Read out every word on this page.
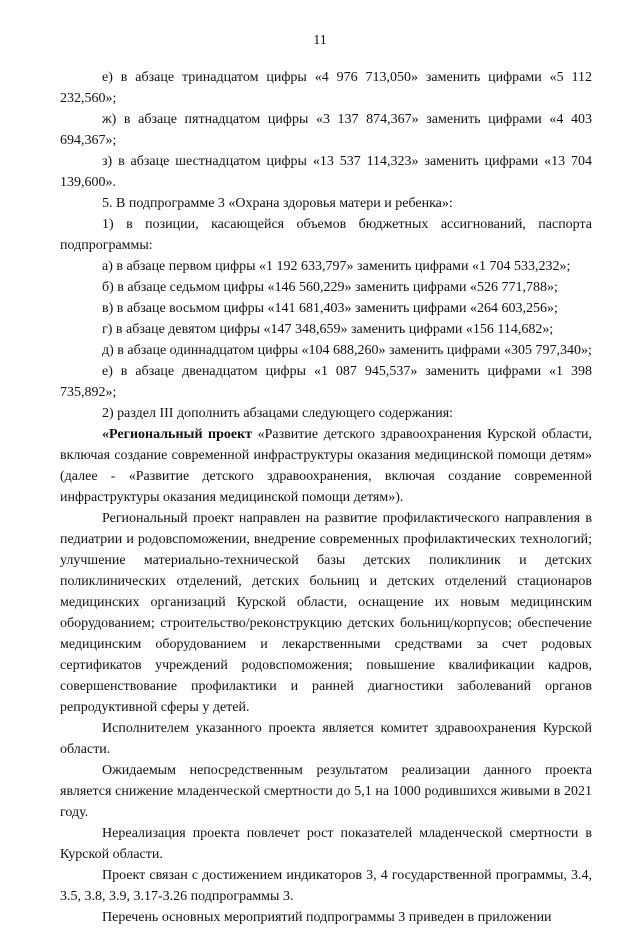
11

е) в абзаце тринадцатом цифры «4 976 713,050» заменить цифрами «5 112 232,560»;

ж) в абзаце пятнадцатом цифры «3 137 874,367» заменить цифрами «4 403 694,367»;

з) в абзаце шестнадцатом цифры «13 537 114,323» заменить цифрами «13 704 139,600».

5. В подпрограмме 3 «Охрана здоровья матери и ребенка»:

1) в позиции, касающейся объемов бюджетных ассигнований, паспорта подпрограммы:

а) в абзаце первом цифры «1 192 633,797» заменить цифрами «1 704 533,232»;

б) в абзаце седьмом цифры «146 560,229» заменить цифрами «526 771,788»;

в) в абзаце восьмом цифры «141 681,403» заменить цифрами «264 603,256»;

г) в абзаце девятом цифры «147 348,659» заменить цифрами «156 114,682»;

д) в абзаце одиннадцатом цифры «104 688,260» заменить цифрами «305 797,340»;

е) в абзаце двенадцатом цифры «1 087 945,537» заменить цифрами «1 398 735,892»;

2) раздел III дополнить абзацами следующего содержания:

«Региональный проект «Развитие детского здравоохранения Курской области, включая создание современной инфраструктуры оказания медицинской помощи детям» (далее - «Развитие детского здравоохранения, включая создание современной инфраструктуры оказания медицинской помощи детям»).

Региональный проект направлен на развитие профилактического направления в педиатрии и родовспоможении, внедрение современных профилактических технологий; улучшение материально-технической базы детских поликлиник и детских поликлинических отделений, детских больниц и детских отделений стационаров медицинских организаций Курской области, оснащение их новым медицинским оборудованием; строительство/реконструкцию детских больниц/корпусов; обеспечение медицинским оборудованием и лекарственными средствами за счет родовых сертификатов учреждений родовспоможения; повышение квалификации кадров, совершенствование профилактики и ранней диагностики заболеваний органов репродуктивной сферы у детей.

Исполнителем указанного проекта является комитет здравоохранения Курской области.

Ожидаемым непосредственным результатом реализации данного проекта является снижение младенческой смертности до 5,1 на 1000 родившихся живыми в 2021 году.

Нереализация проекта повлечет рост показателей младенческой смертности в Курской области.

Проект связан с достижением индикаторов 3, 4 государственной программы, 3.4, 3.5, 3.8, 3.9, 3.17-3.26 подпрограммы 3.

Перечень основных мероприятий подпрограммы 3 приведен в приложении
